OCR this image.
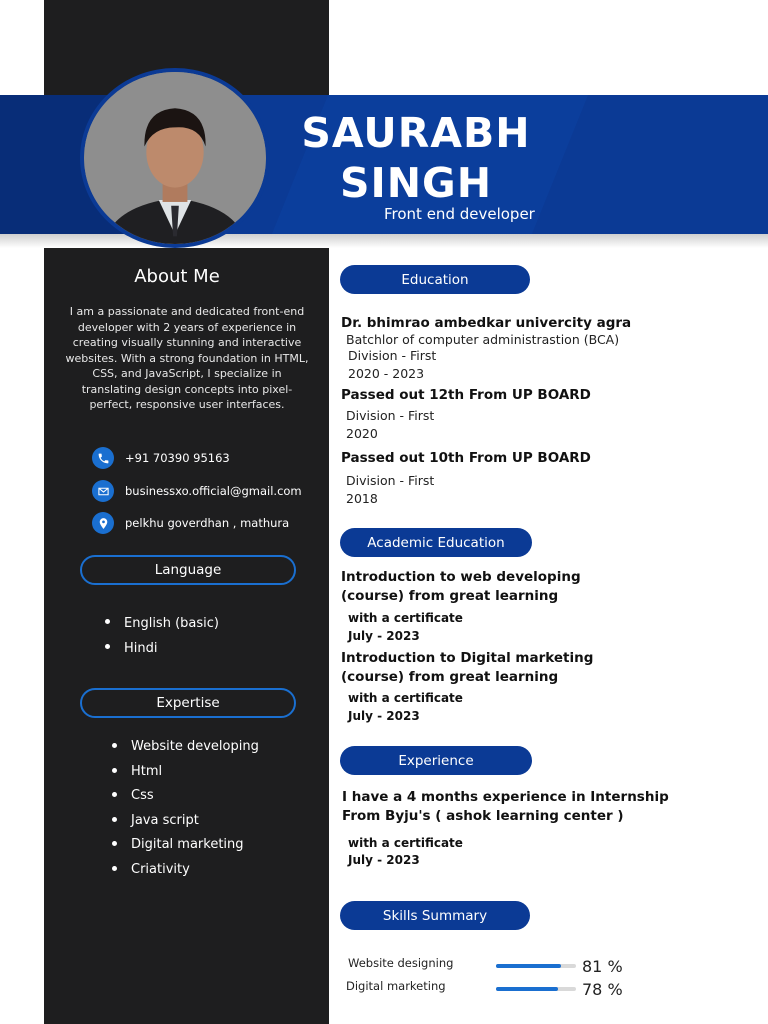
SAURABH
SINGH
Front end developer
About Me
I am a passionate and dedicated front-end developer with 2 years of experience in creating visually stunning and interactive websites. With a strong foundation in HTML, CSS, and JavaScript, I specialize in translating design concepts into pixel-perfect, responsive user interfaces.
+91 70390 95163
businessxo.official@gmail.com
pelkhu goverdhan , mathura
Language
English (basic)
Hindi
Expertise
Website developing
Html
Css
Java script
Digital marketing
Criativity
Education
Dr. bhimrao ambedkar univercity agra
Batchlor of computer administrastion (BCA)
Division - First
2020 - 2023
Passed out 12th From UP BOARD
Division - First
2020
Passed out 10th From UP BOARD
Division - First
2018
Academic Education
Introduction to web developing (course) from great learning
with a certificate
July - 2023
Introduction to Digital marketing (course) from great learning
with a certificate
July - 2023
Experience
I have a 4 months experience in Internship From Byju's ( ashok learning center )
with a certificate
July - 2023
Skills Summary
Website designing	81 %
Digital marketing	78 %
